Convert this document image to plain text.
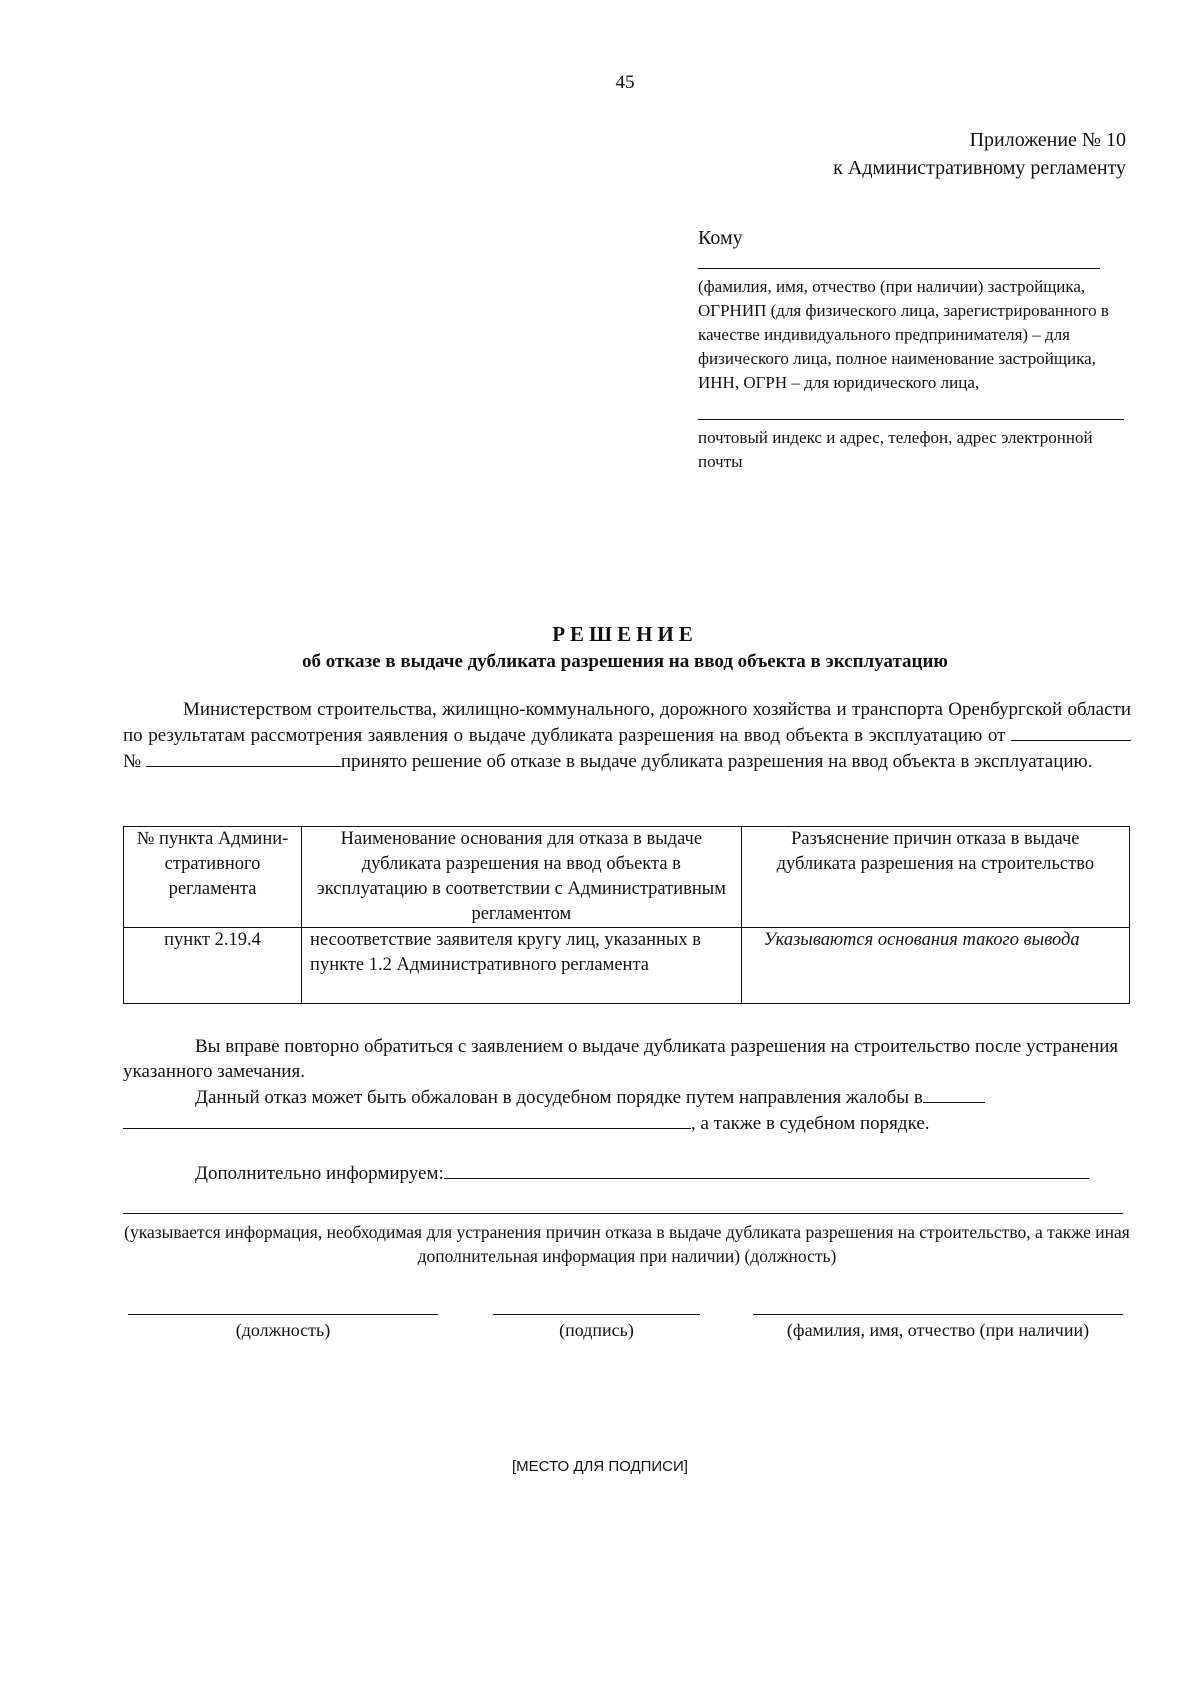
45
Приложение № 10
к Административному регламенту
Кому
(фамилия, имя, отчество (при наличии) застройщика, ОГРНИП (для физического лица, зарегистрированного в качестве индивидуального предпринимателя) – для физического лица, полное наименование застройщика, ИНН, ОГРН – для юридического лица,
почтовый индекс и адрес, телефон, адрес электронной почты
РЕШЕНИЕ
об отказе в выдаче дубликата разрешения на ввод объекта в эксплуатацию
Министерством строительства, жилищно-коммунального, дорожного хозяйства и транспорта Оренбургской области по результатам рассмотрения заявления о выдаче дубликата разрешения на ввод объекта в эксплуатацию от №	принято решение об отказе в выдаче дубликата разрешения на ввод объекта в эксплуатацию.
№ пункта Админи-стративного регламента	Наименование основания для отказа в выдаче дубликата разрешения на ввод объекта в эксплуатацию в соответствии с Административным регламентом	Разъяснение причин отказа в выдаче дубликата разрешения на строительство
пункт 2.19.4	несоответствие заявителя кругу лиц, указанных в пункте 1.2 Административного регламента	Указываются основания такого вывода
Вы вправе повторно обратиться с заявлением о выдаче дубликата разрешения на строительство после устранения указанного замечания.
Данный отказ может быть обжалован в досудебном порядке путем направления жалобы в
, а также в судебном порядке.
Дополнительно информируем:
(указывается информация, необходимая для устранения причин отказа в выдаче дубликата разрешения на строительство, а также иная дополнительная информация при наличии) (должность)
(должность)	(подпись)	(фамилия, имя, отчество (при наличии)
[МЕСТО ДЛЯ ПОДПИСИ]
